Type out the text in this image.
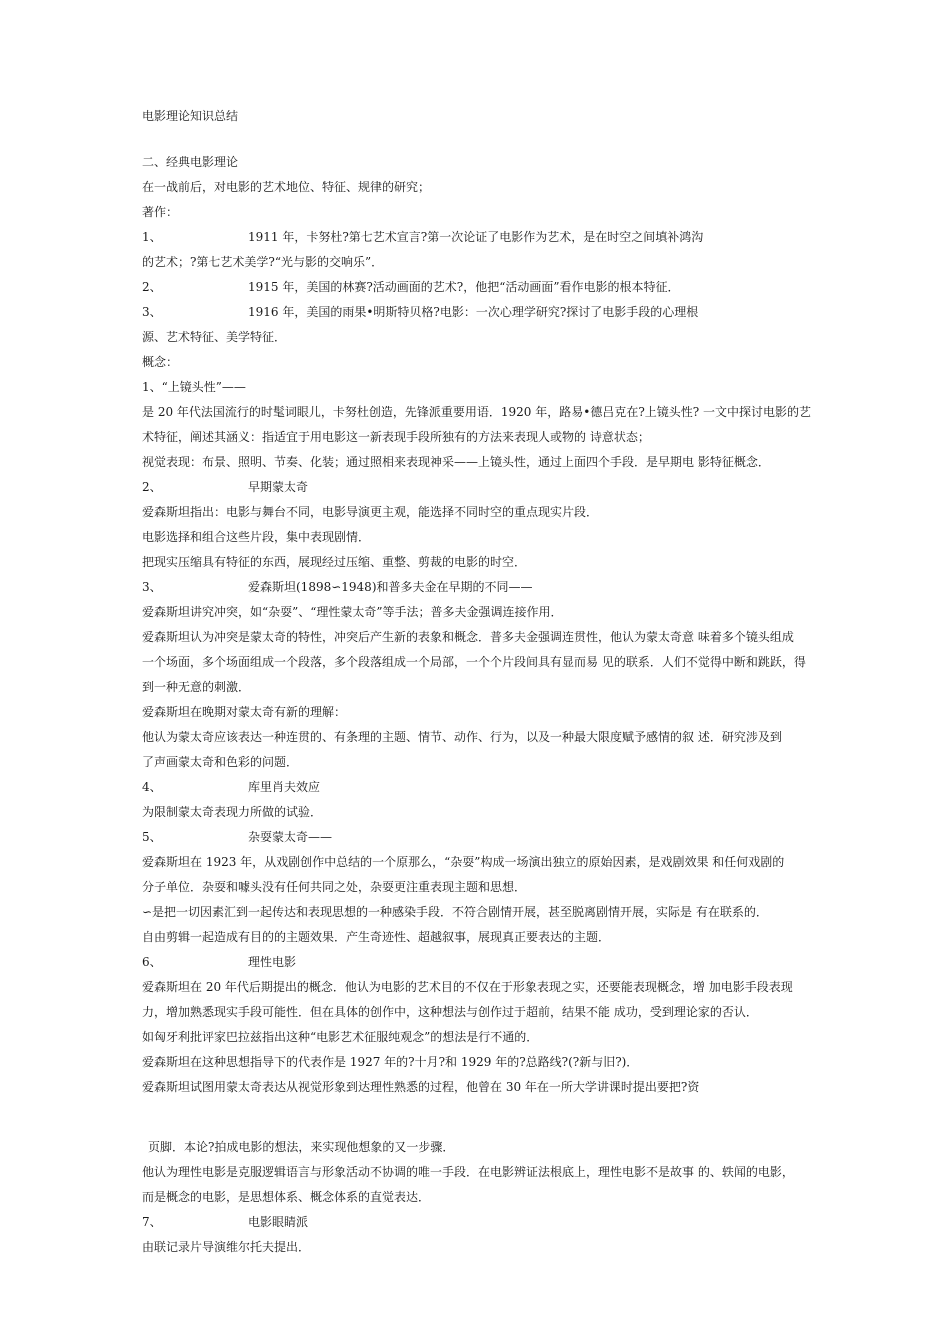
电影理论知识总结
二、经典电影理论
在一战前后，对电影的艺术地位、特征、规律的研究；
著作：
1、	1911 年，卡努杜?第七艺术宣言?第一次论证了电影作为艺术，是在时空之间填补鸿沟
的艺术；?第七艺术美学?“光与影的交响乐”．
2、	1915 年，美国的林赛?活动画面的艺术?，他把“活动画面”看作电影的根本特征．
3、	1916 年，美国的雨果•明斯特贝格?电影：一次心理学研究?探讨了电影手段的心理根
源、艺术特征、美学特征．
概念：
1、“上镜头性”——
是 20 年代法国流行的时髦词眼儿，卡努杜创造，先锋派重要用语．1920 年，路易•德吕克在?上镜头性? 一文中探讨电影的艺
术特征，阐述其涵义：指适宜于用电影这一新表现手段所独有的方法来表现人或物的 诗意状态；
视觉表现：布景、照明、节奏、化装；通过照相来表现神采——上镜头性，通过上面四个手段．是早期电 影特征概念．
2、	早期蒙太奇
爱森斯坦指出：电影与舞台不同，电影导演更主观，能选择不同时空的重点现实片段．
电影选择和组合这些片段，集中表现剧情．
把现实压缩具有特征的东西，展现经过压缩、重整、剪裁的电影的时空．
3、	爱森斯坦(1898∽1948)和普多夫金在早期的不同——
爱森斯坦讲究冲突，如“杂耍”、“理性蒙太奇”等手法；普多夫金强调连接作用．
爱森斯坦认为冲突是蒙太奇的特性，冲突后产生新的表象和概念．普多夫金强调连贯性，他认为蒙太奇意 味着多个镜头组成
一个场面，多个场面组成一个段落，多个段落组成一个局部，一个个片段间具有显而易 见的联系．人们不觉得中断和跳跃，得
到一种无意的刺激．
爱森斯坦在晚期对蒙太奇有新的理解：
他认为蒙太奇应该表达一种连贯的、有条理的主题、情节、动作、行为，以及一种最大限度赋予感情的叙 述．研究涉及到
了声画蒙太奇和色彩的问题．
4、	库里肖夫效应
为限制蒙太奇表现力所做的试验．
5、	杂耍蒙太奇——
爱森斯坦在 1923 年，从戏剧创作中总结的一个原那么，“杂耍”构成一场演出独立的原始因素，是戏剧效果 和任何戏剧的
分子单位．杂耍和噱头没有任何共同之处，杂耍更注重表现主题和思想．
∽是把一切因素汇到一起传达和表现思想的一种感染手段．不符合剧情开展，甚至脱离剧情开展，实际是 有在联系的．
自由剪辑一起造成有目的的主题效果．产生奇迹性、超越叙事，展现真正要表达的主题．
6、	理性电影
爱森斯坦在 20 年代后期提出的概念．他认为电影的艺术目的不仅在于形象表现之实，还要能表现概念，增 加电影手段表现
力，增加熟悉现实手段可能性．但在具体的创作中，这种想法与创作过于超前，结果不能 成功，受到理论家的否认．
如匈牙利批评家巴拉兹指出这种“电影艺术征服纯观念”的想法是行不通的．
爱森斯坦在这种思想指导下的代表作是 1927 年的?十月?和 1929 年的?总路线?(?新与旧?)．
爱森斯坦试图用蒙太奇表达从视觉形象到达理性熟悉的过程，他曾在 30 年在一所大学讲课时提出要把?资
页脚．本论?拍成电影的想法，来实现他想象的又一步骤．
他认为理性电影是克服逻辑语言与形象活动不协调的唯一手段．在电影辨证法根底上，理性电影不是故事 的、轶闻的电影，
而是概念的电影，是思想体系、概念体系的直觉表达．
7、	电影眼睛派
由联记录片导演维尔托夫提出．
